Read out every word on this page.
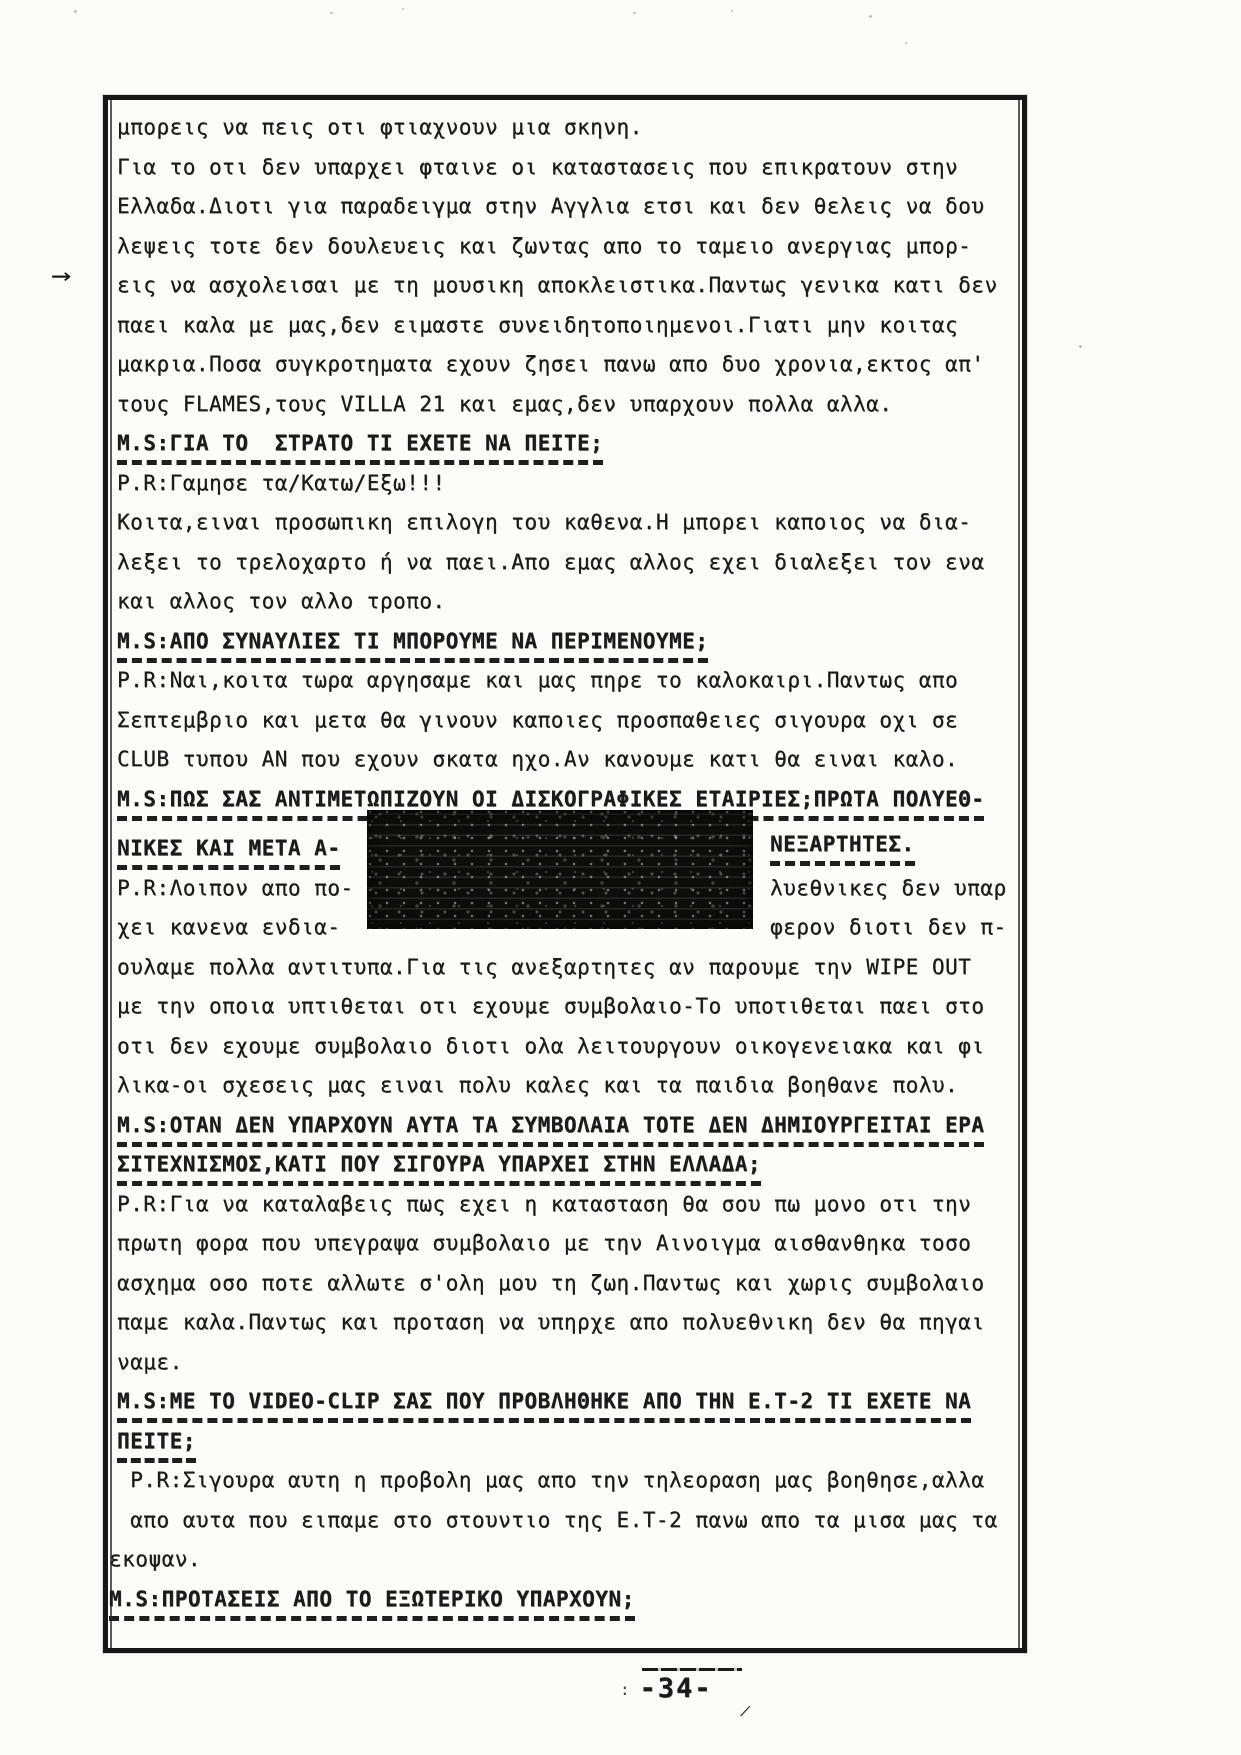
μπορεις να πεις οτι φτιαχνουν μια σκηνη.
Για το οτι δεν υπαρχει φταινε οι καταστασεις που επικρατουν στην
Ελλαδα.Διοτι για παραδειγμα στην Αγγλια ετσι και δεν θελεις να δου
λεψεις τοτε δεν δουλευεις και ζωντας απο το ταμειο ανεργιας μπορ-
εις να ασχολεισαι με τη μουσικη αποκλειστικα.Παντως γενικα κατι δεν
παει καλα με μας,δεν ειμαστε συνειδητοποιημενοι.Γιατι μην κοιτας
μακρια.Ποσα συγκροτηματα εχουν ζησει πανω απο δυο χρονια,εκτος απ'
τους FLAMES,τους VILLA 21 και εμας,δεν υπαρχουν πολλα αλλα.
M.S:ΓΙΑ ΤΟ  ΣΤΡΑΤΟ ΤΙ ΕΧΕΤΕ ΝΑ ΠΕΙΤΕ;
P.R:Γαμησε τα/Κατω/Εξω!!!
Κοιτα,ειναι προσωπικη επιλογη του καθενα.Η μπορει καποιος να δια-
λεξει το τρελοχαρτο ή να παει.Απο εμας αλλος εχει διαλεξει τον ενα
και αλλος τον αλλο τροπο.
M.S:ΑΠΟ ΣΥΝΑΥΛΙΕΣ ΤΙ ΜΠΟΡΟΥΜΕ ΝΑ ΠΕΡΙΜΕΝΟΥΜΕ;
P.R:Ναι,κοιτα τωρα αργησαμε και μας πηρε το καλοκαιρι.Παντως απο
Σεπτεμβριο και μετα θα γινουν καποιες προσπαθειες σιγουρα οχι σε
CLUB τυπου ΑΝ που εχουν σκατα ηχο.Αν κανουμε κατι θα ειναι καλο.
M.S:ΠΩΣ ΣΑΣ ΑΝΤΙΜΕΤΩΠΙΖΟΥΝ ΟΙ ΔΙΣΚΟΓΡΑΦΙΚΕΣ ΕΤΑΙΡΙΕΣ;ΠΡΩΤΑ ΠΟΛΥΕΘ-
ΝΙΚΕΣ ΚΑΙ ΜΕΤΑ Α-	ΝΕΞΑΡΤΗΤΕΣ.
P.R:Λοιπον απο πο-	λυεθνικες δεν υπαρ
χει κανενα ενδια-	φερον διοτι δεν π-
ουλαμε πολλα αντιτυπα.Για τις ανεξαρτητες αν παρουμε την WIPE OUT
με την οποια υπτιθεται οτι εχουμε συμβολαιο-Το υποτιθεται παει στο
οτι δεν εχουμε συμβολαιο διοτι ολα λειτουργουν οικογενειακα και φι
λικα-οι σχεσεις μας ειναι πολυ καλες και τα παιδια βοηθανε πολυ.
M.S:ΟΤΑΝ ΔΕΝ ΥΠΑΡΧΟΥΝ ΑΥΤΑ ΤΑ ΣΥΜΒΟΛΑΙΑ ΤΟΤΕ ΔΕΝ ΔΗΜΙΟΥΡΓΕΙΤΑΙ ΕΡΑ
ΣΙΤΕΧΝΙΣΜΟΣ,ΚΑΤΙ ΠΟΥ ΣΙΓΟΥΡΑ ΥΠΑΡΧΕΙ ΣΤΗΝ ΕΛΛΑΔΑ;
P.R:Για να καταλαβεις πως εχει η κατασταση θα σου πω μονο οτι την
πρωτη φορα που υπεγραψα συμβολαιο με την Αινοιγμα αισθανθηκα τοσο
ασχημα οσο ποτε αλλωτε σ'ολη μου τη ζωη.Παντως και χωρις συμβολαιο
παμε καλα.Παντως και προταση να υπηρχε απο πολυεθνικη δεν θα πηγαι
ναμε.
M.S:ΜΕ ΤΟ VIDEO-CLIP ΣΑΣ ΠΟΥ ΠΡΟΒΛΗΘΗΚΕ ΑΠΟ ΤΗΝ Ε.Τ-2 ΤΙ ΕΧΕΤΕ ΝΑ
ΠΕΙΤΕ;
P.R:Σιγουρα αυτη η προβολη μας απο την τηλεοραση μας βοηθησε,αλλα
απο αυτα που ειπαμε στο στουντιο της Ε.Τ-2 πανω απο τα μισα μας τα
εκοψαν.
M.S:ΠΡΟΤΑΣΕΙΣ ΑΠΟ ΤΟ ΕΞΩΤΕΡΙΚΟ ΥΠΑΡΧΟΥΝ;
→
-34-
:
/
